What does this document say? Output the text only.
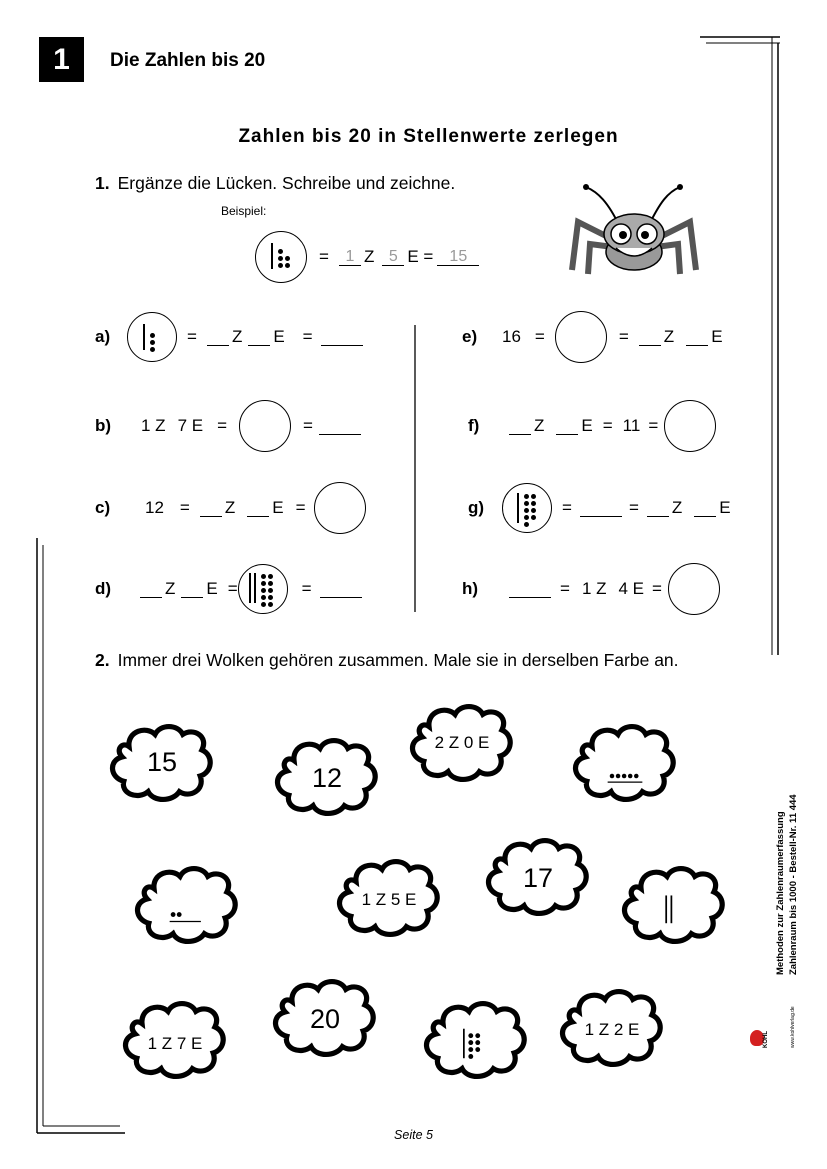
1	Die Zahlen bis 20
Zahlen bis 20 in Stellenwerte zerlegen
1. Ergänze die Lücken. Schreibe und zeichne.
Beispiel:
=	1 Z 5 E =	15
a)	= Z E =
b)	1 Z 7 E =	=
c)	12 = Z E =
d)	Z E =	=
e)	16 =	= Z E
f)	Z E = 11 =
g)	=	= Z E
h)	= 1 Z 4 E =
2. Immer drei Wolken gehören zusammen. Male sie in derselben Farbe an.
15
12
2 Z 0 E
1 Z 5 E
17
1 Z 7 E
20	1 Z 2 E
Methoden zur Zahlenraumerfassung Zahlenraum bis 1000 - Bestell-Nr. 11 444
KOHL	www.kohlverlag.de
Seite 5
